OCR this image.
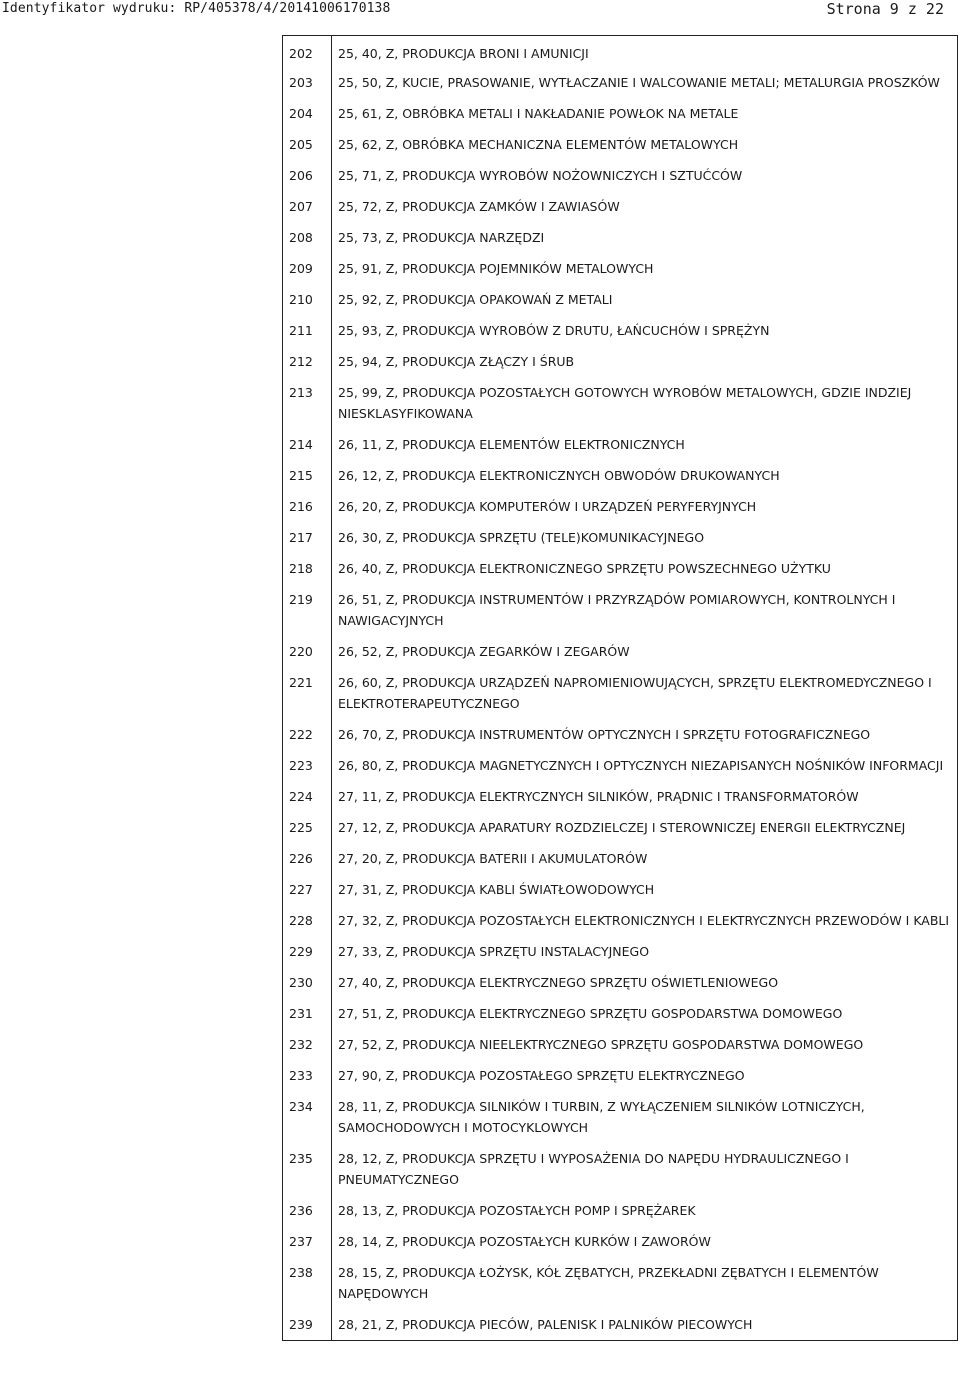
Identyfikator wydruku: RP/405378/4/20141006170138	Strona 9 z 22
202	25, 40, Z, PRODUKCJA BRONI I AMUNICJI
203	25, 50, Z, KUCIE, PRASOWANIE, WYTŁACZANIE I WALCOWANIE METALI; METALURGIA PROSZKÓW
204	25, 61, Z, OBRÓBKA METALI I NAKŁADANIE POWŁOK NA METALE
205	25, 62, Z, OBRÓBKA MECHANICZNA ELEMENTÓW METALOWYCH
206	25, 71, Z, PRODUKCJA WYROBÓW NOŻOWNICZYCH I SZTUĆCÓW
207	25, 72, Z, PRODUKCJA ZAMKÓW I ZAWIASÓW
208	25, 73, Z, PRODUKCJA NARZĘDZI
209	25, 91, Z, PRODUKCJA POJEMNIKÓW METALOWYCH
210	25, 92, Z, PRODUKCJA OPAKOWAŃ Z METALI
211	25, 93, Z, PRODUKCJA WYROBÓW Z DRUTU, ŁAŃCUCHÓW I SPRĘŻYN
212	25, 94, Z, PRODUKCJA ZŁĄCZY I ŚRUB
213	25, 99, Z, PRODUKCJA POZOSTAŁYCH GOTOWYCH WYROBÓW METALOWYCH, GDZIE INDZIEJ NIESKLASYFIKOWANA
214	26, 11, Z, PRODUKCJA ELEMENTÓW ELEKTRONICZNYCH
215	26, 12, Z, PRODUKCJA ELEKTRONICZNYCH OBWODÓW DRUKOWANYCH
216	26, 20, Z, PRODUKCJA KOMPUTERÓW I URZĄDZEŃ PERYFERYJNYCH
217	26, 30, Z, PRODUKCJA SPRZĘTU (TELE)KOMUNIKACYJNEGO
218	26, 40, Z, PRODUKCJA ELEKTRONICZNEGO SPRZĘTU POWSZECHNEGO UŻYTKU
219	26, 51, Z, PRODUKCJA INSTRUMENTÓW I PRZYRZĄDÓW POMIAROWYCH, KONTROLNYCH I NAWIGACYJNYCH
220	26, 52, Z, PRODUKCJA ZEGARKÓW I ZEGARÓW
221	26, 60, Z, PRODUKCJA URZĄDZEŃ NAPROMIENIOWUJĄCYCH, SPRZĘTU ELEKTROMEDYCZNEGO I ELEKTROTERAPEUTYCZNEGO
222	26, 70, Z, PRODUKCJA INSTRUMENTÓW OPTYCZNYCH I SPRZĘTU FOTOGRAFICZNEGO
223	26, 80, Z, PRODUKCJA MAGNETYCZNYCH I OPTYCZNYCH NIEZAPISANYCH NOŚNIKÓW INFORMACJI
224	27, 11, Z, PRODUKCJA ELEKTRYCZNYCH SILNIKÓW, PRĄDNIC I TRANSFORMATORÓW
225	27, 12, Z, PRODUKCJA APARATURY ROZDZIELCZEJ I STEROWNICZEJ ENERGII ELEKTRYCZNEJ
226	27, 20, Z, PRODUKCJA BATERII I AKUMULATORÓW
227	27, 31, Z, PRODUKCJA KABLI ŚWIATŁOWODOWYCH
228	27, 32, Z, PRODUKCJA POZOSTAŁYCH ELEKTRONICZNYCH I ELEKTRYCZNYCH PRZEWODÓW I KABLI
229	27, 33, Z, PRODUKCJA SPRZĘTU INSTALACYJNEGO
230	27, 40, Z, PRODUKCJA ELEKTRYCZNEGO SPRZĘTU OŚWIETLENIOWEGO
231	27, 51, Z, PRODUKCJA ELEKTRYCZNEGO SPRZĘTU GOSPODARSTWA DOMOWEGO
232	27, 52, Z, PRODUKCJA NIEELEKTRYCZNEGO SPRZĘTU GOSPODARSTWA DOMOWEGO
233	27, 90, Z, PRODUKCJA POZOSTAŁEGO SPRZĘTU ELEKTRYCZNEGO
234	28, 11, Z, PRODUKCJA SILNIKÓW I TURBIN, Z WYŁĄCZENIEM SILNIKÓW LOTNICZYCH, SAMOCHODOWYCH I MOTOCYKLOWYCH
235	28, 12, Z, PRODUKCJA SPRZĘTU I WYPOSAŻENIA DO NAPĘDU HYDRAULICZNEGO I PNEUMATYCZNEGO
236	28, 13, Z, PRODUKCJA POZOSTAŁYCH POMP I SPRĘŻAREK
237	28, 14, Z, PRODUKCJA POZOSTAŁYCH KURKÓW I ZAWORÓW
238	28, 15, Z, PRODUKCJA ŁOŻYSK, KÓŁ ZĘBATYCH, PRZEKŁADNI ZĘBATYCH I ELEMENTÓW NAPĘDOWYCH
239	28, 21, Z, PRODUKCJA PIECÓW, PALENISK I PALNIKÓW PIECOWYCH
